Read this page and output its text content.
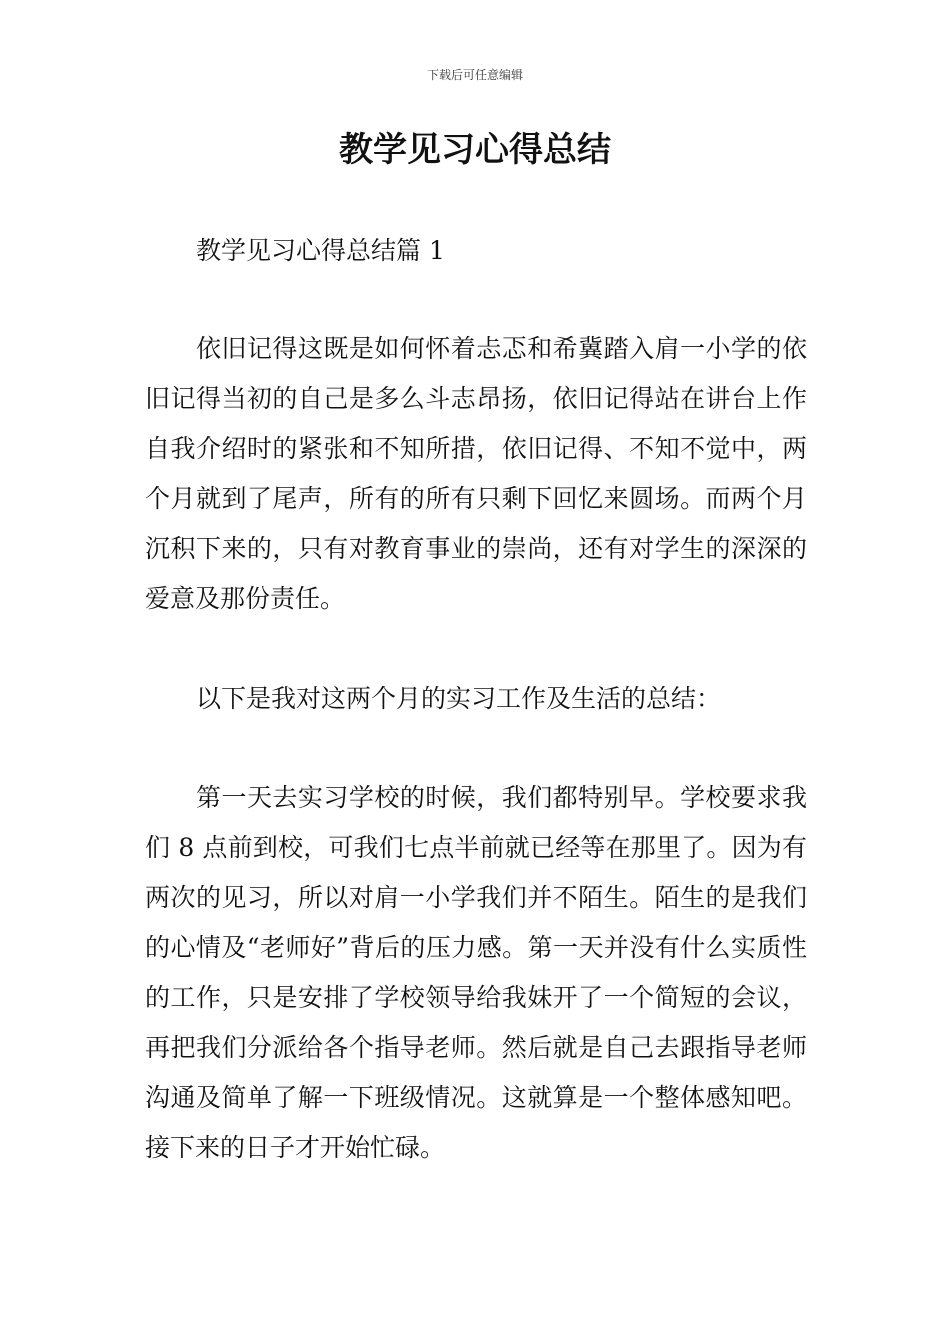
下载后可任意编辑
教学见习心得总结
教学见习心得总结篇 1

依旧记得这既是如何怀着忐忑和希冀踏入肩一小学的依旧记得当初的自己是多么斗志昂扬，依旧记得站在讲台上作自我介绍时的紧张和不知所措，依旧记得、不知不觉中，两个月就到了尾声，所有的所有只剩下回忆来圆场。而两个月沉积下来的，只有对教育事业的崇尚，还有对学生的深深的爱意及那份责任。

以下是我对这两个月的实习工作及生活的总结：

第一天去实习学校的时候，我们都特别早。学校要求我们 8 点前到校，可我们七点半前就已经等在那里了。因为有两次的见习，所以对肩一小学我们并不陌生。陌生的是我们的心情及“老师好”背后的压力感。第一天并没有什么实质性的工作，只是安排了学校领导给我妹开了一个简短的会议，再把我们分派给各个指导老师。然后就是自己去跟指导老师沟通及简单了解一下班级情况。这就算是一个整体感知吧。接下来的日子才开始忙碌。
